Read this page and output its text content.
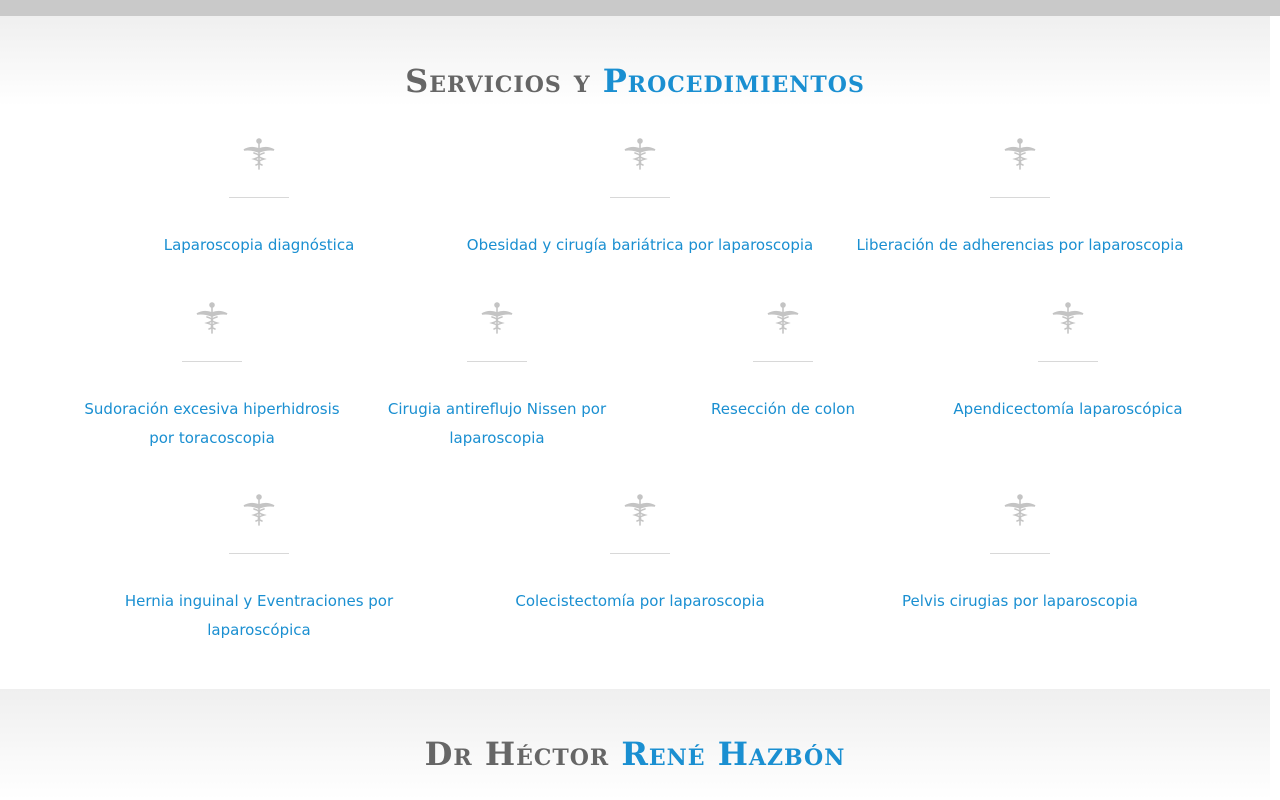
Servicios y Procedimientos
Laparoscopia diagnóstica	Obesidad y cirugía bariátrica por laparoscopia	Liberación de adherencias por laparoscopia
Sudoración excesiva hiperhidrosis por toracoscopia
Cirugia antireflujo Nissen por laparoscopia
Resección de colon	Apendicectomía laparoscópica
Hernia inguinal y Eventraciones por laparoscópica
Colecistectomía por laparoscopia	Pelvis cirugias por laparoscopia
Dr Héctor René Hazbón
